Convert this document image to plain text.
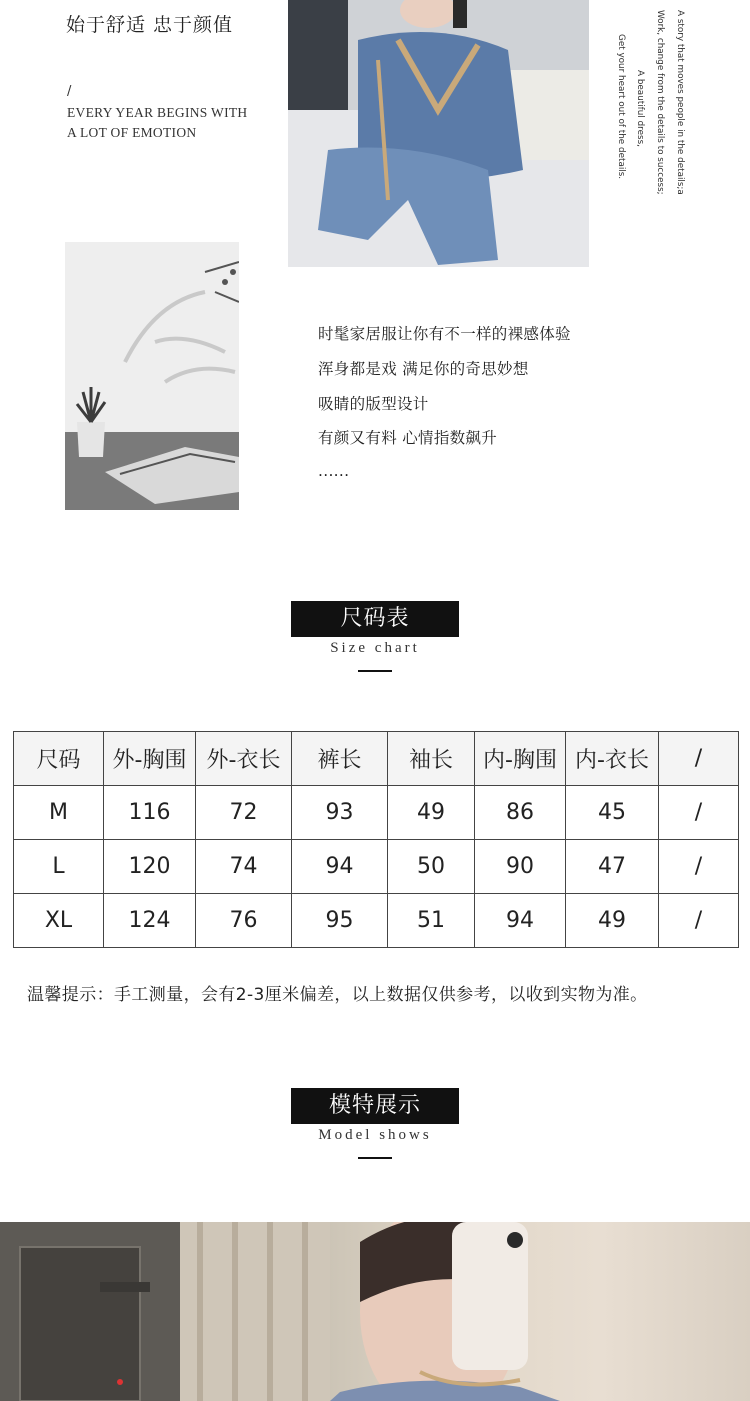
始于舒适 忠于颜值
/
EVERY YEAR BEGINS WITH
A LOT OF EMOTION	A story that moves people in the details;a
Work, change from the details to success;
A beautiful dress,
Get your heart out of the details.
时髦家居服让你有不一样的裸感体验
浑身都是戏 满足你的奇思妙想
吸睛的版型设计
有颜又有料 心情指数飙升
......
尺码表
Size chart
尺码	外-胸围	外-衣长	裤长	袖长	内-胸围	内-衣长	/
M	116	72	93	49	86	45	/
L	120	74	94	50	90	47	/
XL	124	76	95	51	94	49	/
温馨提示：手工测量，会有2-3厘米偏差，以上数据仅供参考，以收到实物为准。
模特展示
Model shows
